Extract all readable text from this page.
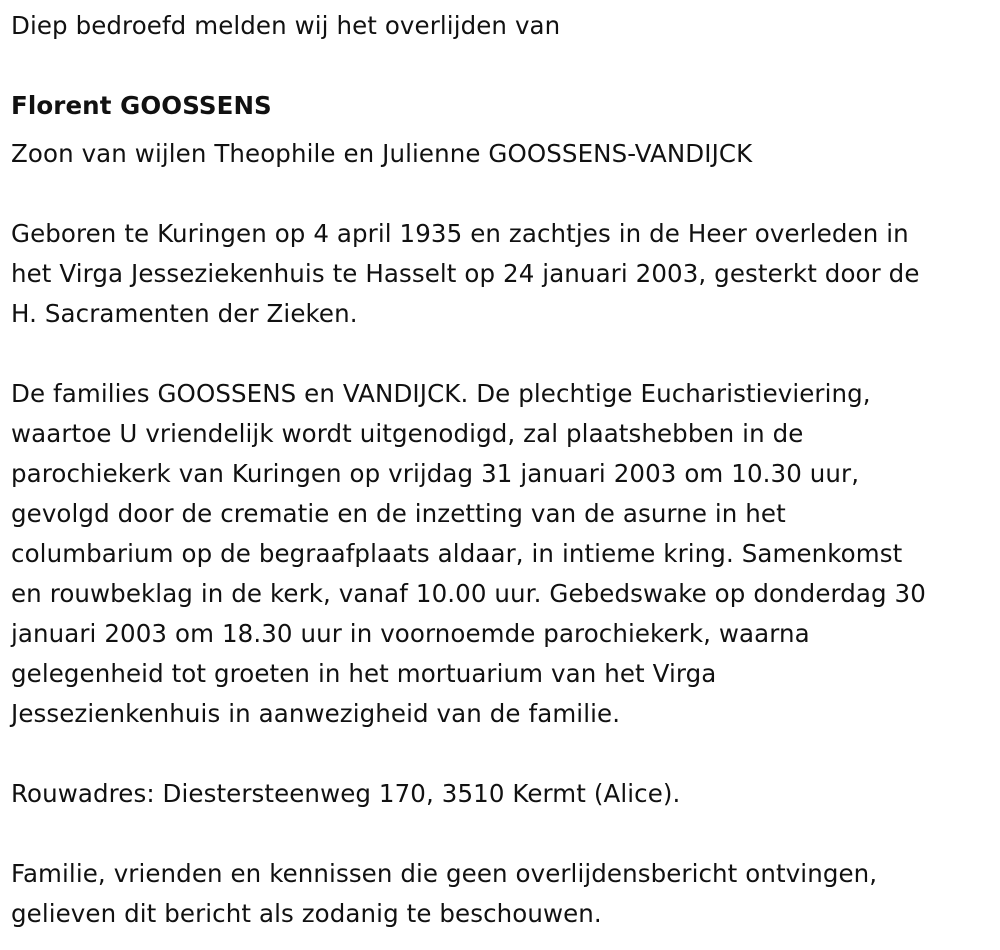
Diep bedroefd melden wij het overlijden van

Florent GOOSSENS

Zoon van wijlen Theophile en Julienne GOOSSENS-VANDIJCK

Geboren te Kuringen op 4 april 1935 en zachtjes in de Heer overleden in
het Virga Jesseziekenhuis te Hasselt op 24 januari 2003, gesterkt door de
H. Sacramenten der Zieken.

De families GOOSSENS en VANDIJCK. De plechtige Eucharistieviering,
waartoe U vriendelijk wordt uitgenodigd, zal plaatshebben in de
parochiekerk van Kuringen op vrijdag 31 januari 2003 om 10.30 uur,
gevolgd door de crematie en de inzetting van de asurne in het
columbarium op de begraafplaats aldaar, in intieme kring. Samenkomst
en rouwbeklag in de kerk, vanaf 10.00 uur. Gebedswake op donderdag 30
januari 2003 om 18.30 uur in voornoemde parochiekerk, waarna
gelegenheid tot groeten in het mortuarium van het Virga
Jessezienkenhuis in aanwezigheid van de familie.

Rouwadres: Diestersteenweg 170, 3510 Kermt (Alice).

Familie, vrienden en kennissen die geen overlijdensbericht ontvingen,
gelieven dit bericht als zodanig te beschouwen.
